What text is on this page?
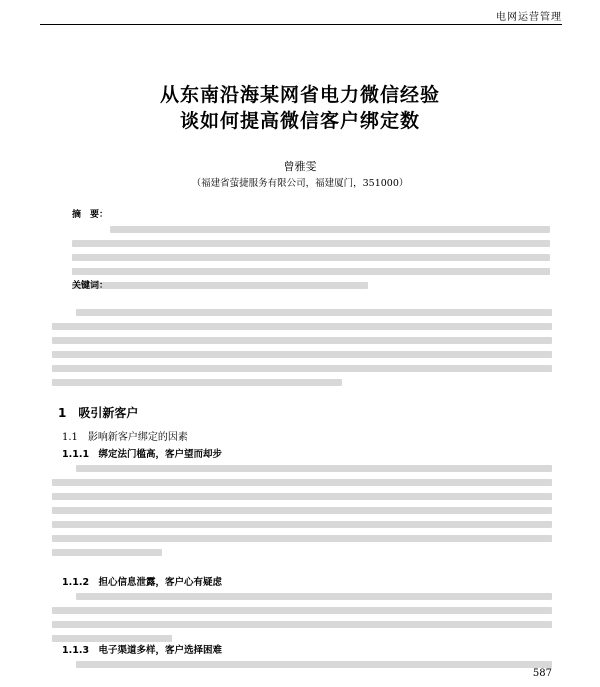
电网运营管理
从东南沿海某网省电力微信经验
谈如何提高微信客户绑定数
曾雅雯
（福建省萤捷服务有限公司，福建厦门，351000）
摘　要：
关键词：
1　吸引新客户
1.1　影响新客户绑定的因素
1.1.1　绑定法门槛高，客户望而却步
1.1.2　担心信息泄露，客户心有疑虑
1.1.3　电子渠道多样，客户选择困难
587
